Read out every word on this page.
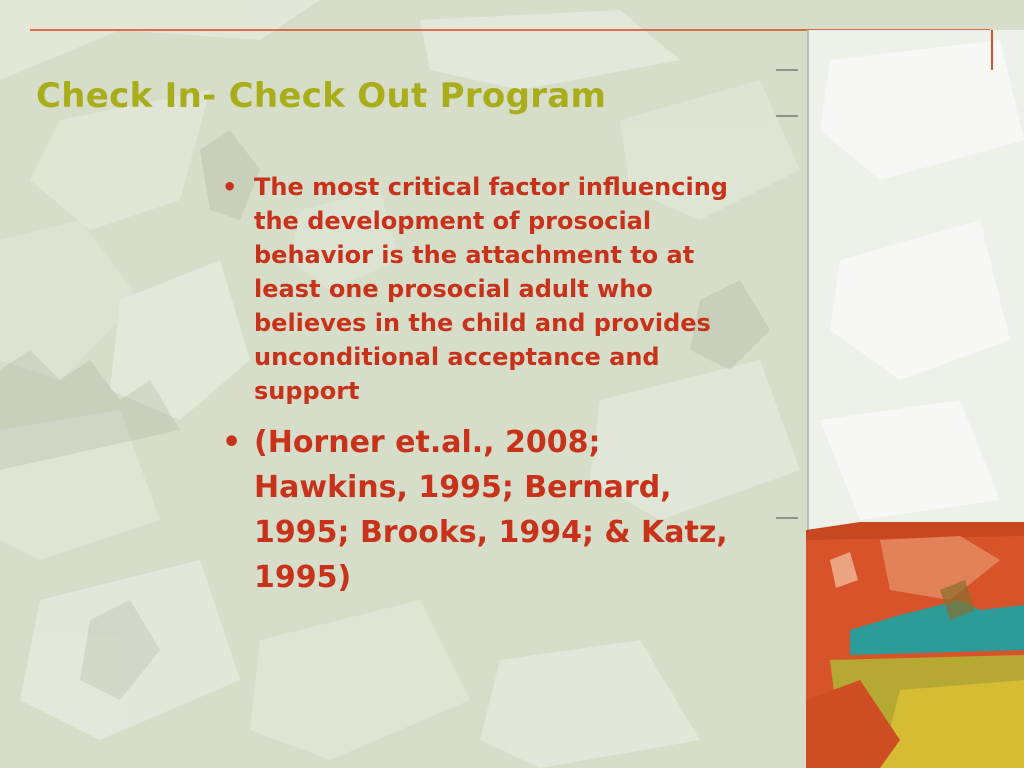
Check In- Check Out Program
• The most critical factor influencing the development of prosocial behavior is the attachment to at least one prosocial adult who believes in the child and provides unconditional acceptance and support
• (Horner et.al., 2008; Hawkins, 1995; Bernard, 1995; Brooks, 1994; & Katz, 1995)
